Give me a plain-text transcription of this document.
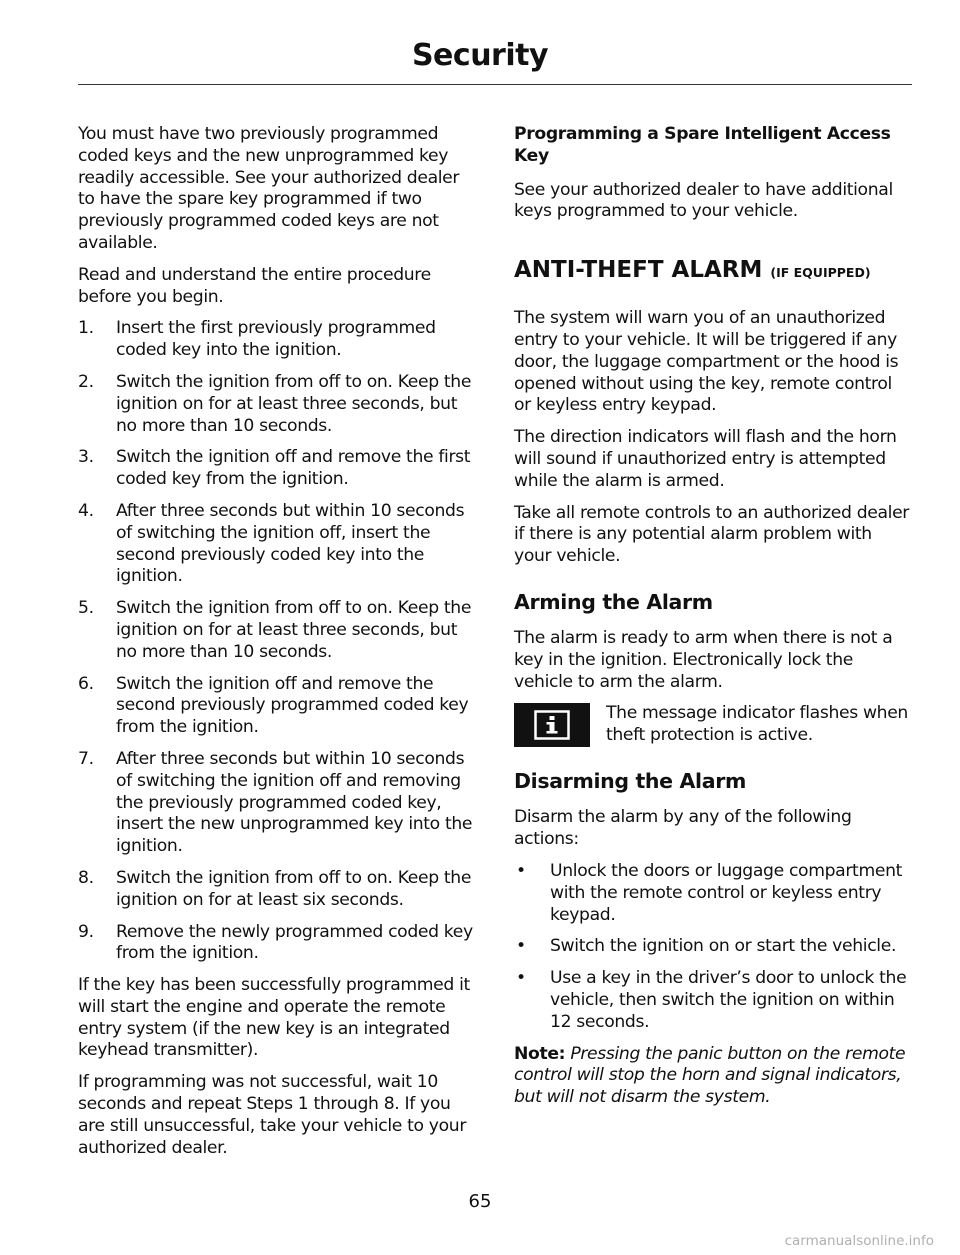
Security

You must have two previously programmed coded keys and the new unprogrammed key readily accessible. See your authorized dealer to have the spare key programmed if two previously programmed coded keys are not available.

Read and understand the entire procedure before you begin.

1.	Insert the first previously programmed coded key into the ignition.
2.	Switch the ignition from off to on. Keep the ignition on for at least three seconds, but no more than 10 seconds.
3.	Switch the ignition off and remove the first coded key from the ignition.
4.	After three seconds but within 10 seconds of switching the ignition off, insert the second previously coded key into the ignition.
5.	Switch the ignition from off to on. Keep the ignition on for at least three seconds, but no more than 10 seconds.
6.	Switch the ignition off and remove the second previously programmed coded key from the ignition.
7.	After three seconds but within 10 seconds of switching the ignition off and removing the previously programmed coded key, insert the new unprogrammed key into the ignition.
8.	Switch the ignition from off to on. Keep the ignition on for at least six seconds.
9.	Remove the newly programmed coded key from the ignition.

If the key has been successfully programmed it will start the engine and operate the remote entry system (if the new key is an integrated keyhead transmitter).

If programming was not successful, wait 10 seconds and repeat Steps 1 through 8. If you are still unsuccessful, take your vehicle to your authorized dealer.

Programming a Spare Intelligent Access Key

See your authorized dealer to have additional keys programmed to your vehicle.

ANTI-THEFT ALARM (IF EQUIPPED)

The system will warn you of an unauthorized entry to your vehicle. It will be triggered if any door, the luggage compartment or the hood is opened without using the key, remote control or keyless entry keypad.

The direction indicators will flash and the horn will sound if unauthorized entry is attempted while the alarm is armed.

Take all remote controls to an authorized dealer if there is any potential alarm problem with your vehicle.

Arming the Alarm

The alarm is ready to arm when there is not a key in the ignition. Electronically lock the vehicle to arm the alarm.

The message indicator flashes when theft protection is active.
Disarming the Alarm

Disarm the alarm by any of the following actions:

•	Unlock the doors or luggage compartment with the remote control or keyless entry keypad.
•	Switch the ignition on or start the vehicle.
•	Use a key in the driver’s door to unlock the vehicle, then switch the ignition on within 12 seconds.

Note: Pressing the panic button on the remote control will stop the horn and signal indicators, but will not disarm the system.

65
carmanualsonline.info
